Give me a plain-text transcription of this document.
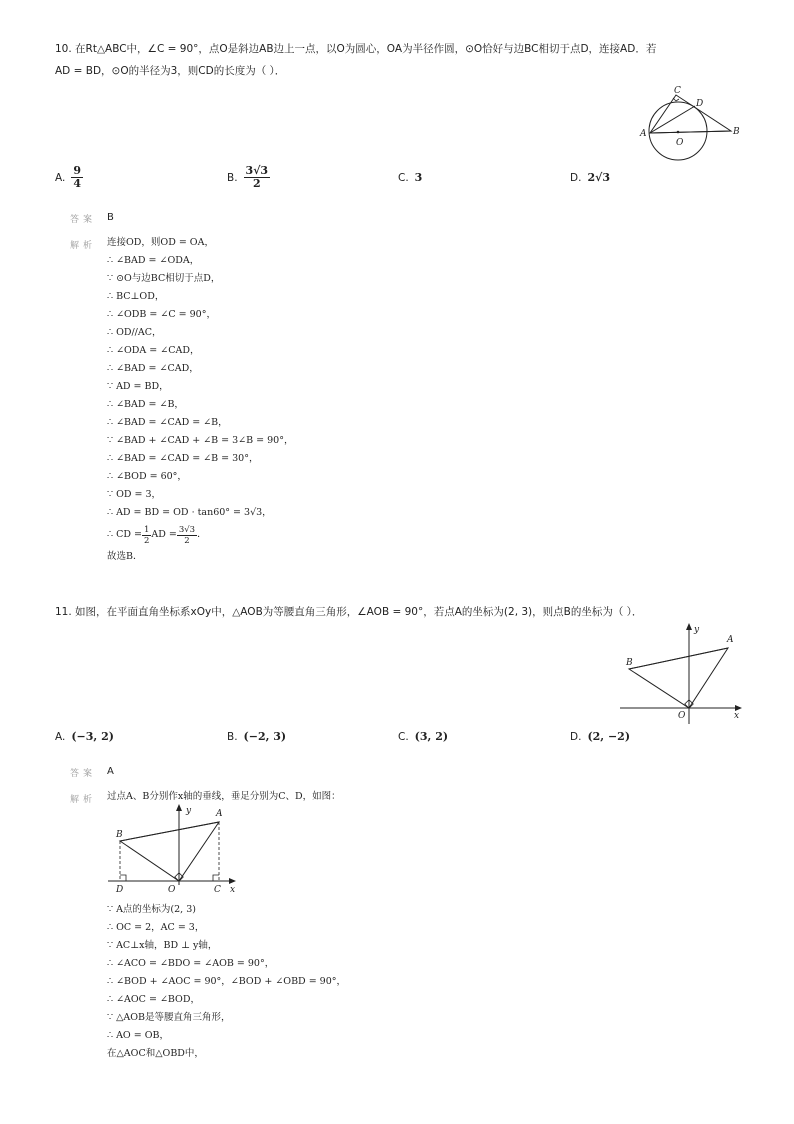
10. 在Rt△ABC中，∠C = 90°，点O是斜边AB边上一点，以O为圆心，OA为半径作圆，⊙O恰好与边BC相切于点D，连接AD．若
AD = BD，⊙O的半径为3，则CD的长度为（ ）．
C
D
A	B
O
A. $\frac{9}{4}$	B. $\frac{3√3}{2}$	C. 3	D. 2√3
答案 B
解析 连接OD，则OD = OA，
∴ ∠BAD = ∠ODA，
∵ ⊙O与边BC相切于点D，
∴ BC⊥OD，
∴ ∠ODB = ∠C = 90°，
∴ OD//AC，
∴ ∠ODA = ∠CAD，
∴ ∠BAD = ∠CAD，
∵ AD = BD，
∴ ∠BAD = ∠B，
∴ ∠BAD = ∠CAD = ∠B，
∵ ∠BAD + ∠CAD + ∠B = 3∠B = 90°，
∴ ∠BAD = ∠CAD = ∠B = 30°，
∴ ∠BOD = 60°，
∵ OD = 3，
∴ AD = BD = OD · tan60° = 3√3，
∴ CD = $\frac{1}{2}$ AD = $\frac{3√3}{2}$ ．
故选B．
11. 如图，在平面直角坐标系xOy中，△AOB为等腰直角三角形，∠AOB = 90°，若点A的坐标为(2, 3)，则点B的坐标为（ ）．
y
A
B
O	x
A. (−3, 2)	B. (−2, 3)	C. (3, 2)	D. (2, −2)
答案 A
解析 过点A、B分别作x轴的垂线，垂足分别为C、D，如图：
y	A
B
D	O	C x
∵ A点的坐标为(2, 3)
∴ OC = 2，AC = 3，
∵ AC⊥x轴，BD ⊥ y轴，
∴ ∠ACO = ∠BDO = ∠AOB = 90°，
∴ ∠BOD + ∠AOC = 90°，∠BOD + ∠OBD = 90°，
∴ ∠AOC = ∠BOD，
∵ △AOB是等腰直角三角形，
∴ AO = OB，
在△AOC和△OBD中，
